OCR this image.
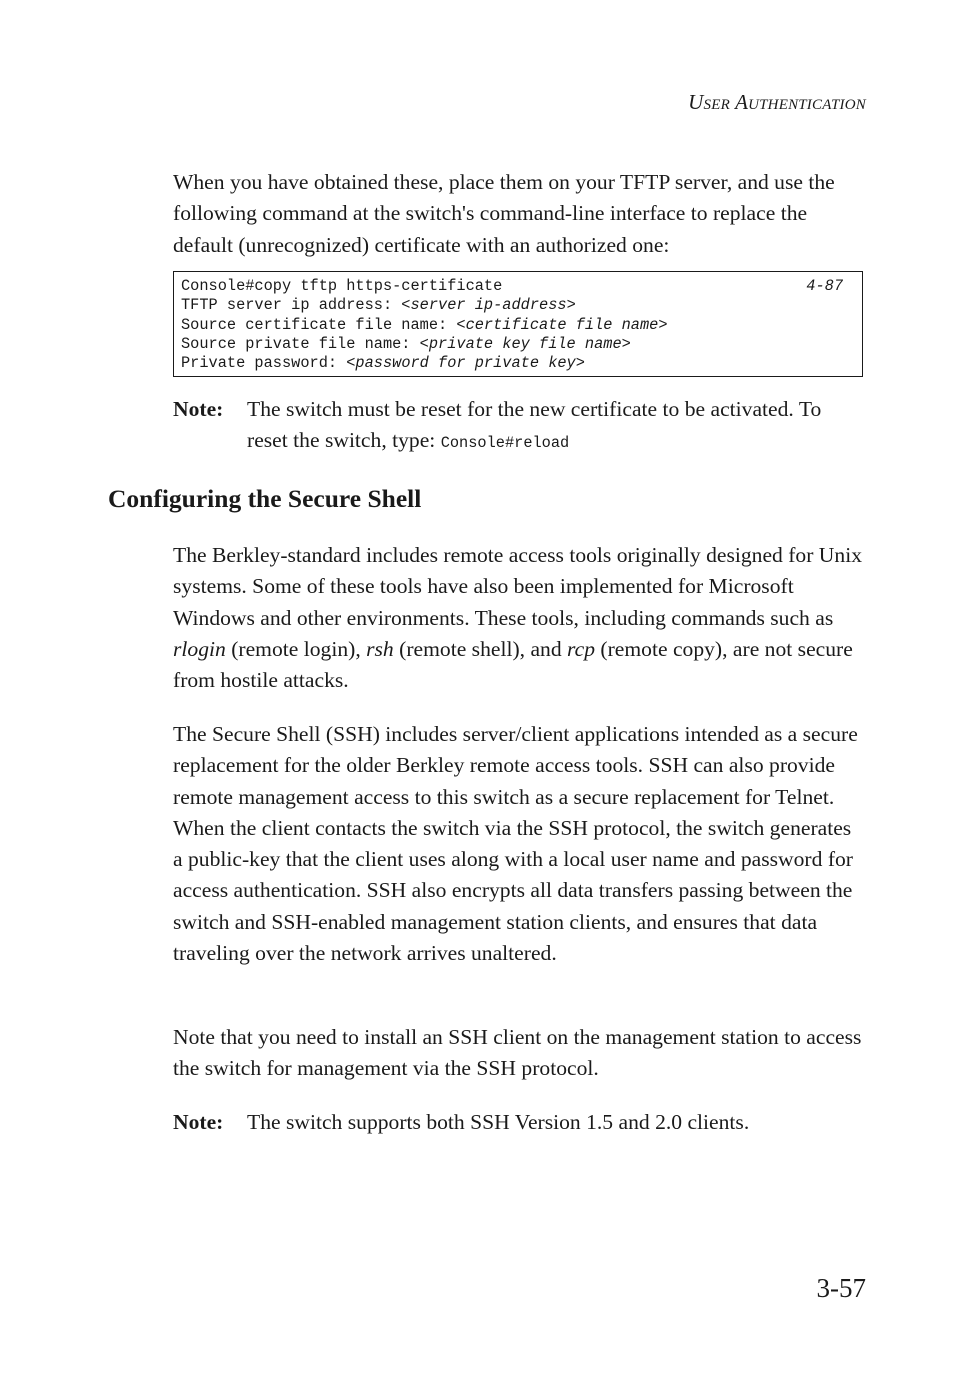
USER AUTHENTICATION

When you have obtained these, place them on your TFTP server, and use the following command at the switch's command-line interface to replace the default (unrecognized) certificate with an authorized one:

Console#copy tftp https-certificate	4-87
TFTP server ip address: <server ip-address>
Source certificate file name: <certificate file name>
Source private file name: <private key file name>
Private password: <password for private key>
Note: The switch must be reset for the new certificate to be activated. To reset the switch, type: Console#reload
Configuring the Secure Shell

The Berkley-standard includes remote access tools originally designed for Unix systems. Some of these tools have also been implemented for Microsoft Windows and other environments. These tools, including commands such as rlogin (remote login), rsh (remote shell), and rcp (remote copy), are not secure from hostile attacks.

The Secure Shell (SSH) includes server/client applications intended as a secure replacement for the older Berkley remote access tools. SSH can also provide remote management access to this switch as a secure replacement for Telnet. When the client contacts the switch via the SSH protocol, the switch generates a public-key that the client uses along with a local user name and password for access authentication. SSH also encrypts all data transfers passing between the switch and SSH-enabled management station clients, and ensures that data traveling over the network arrives unaltered.

Note that you need to install an SSH client on the management station to access the switch for management via the SSH protocol.

Note: The switch supports both SSH Version 1.5 and 2.0 clients.
3-57
